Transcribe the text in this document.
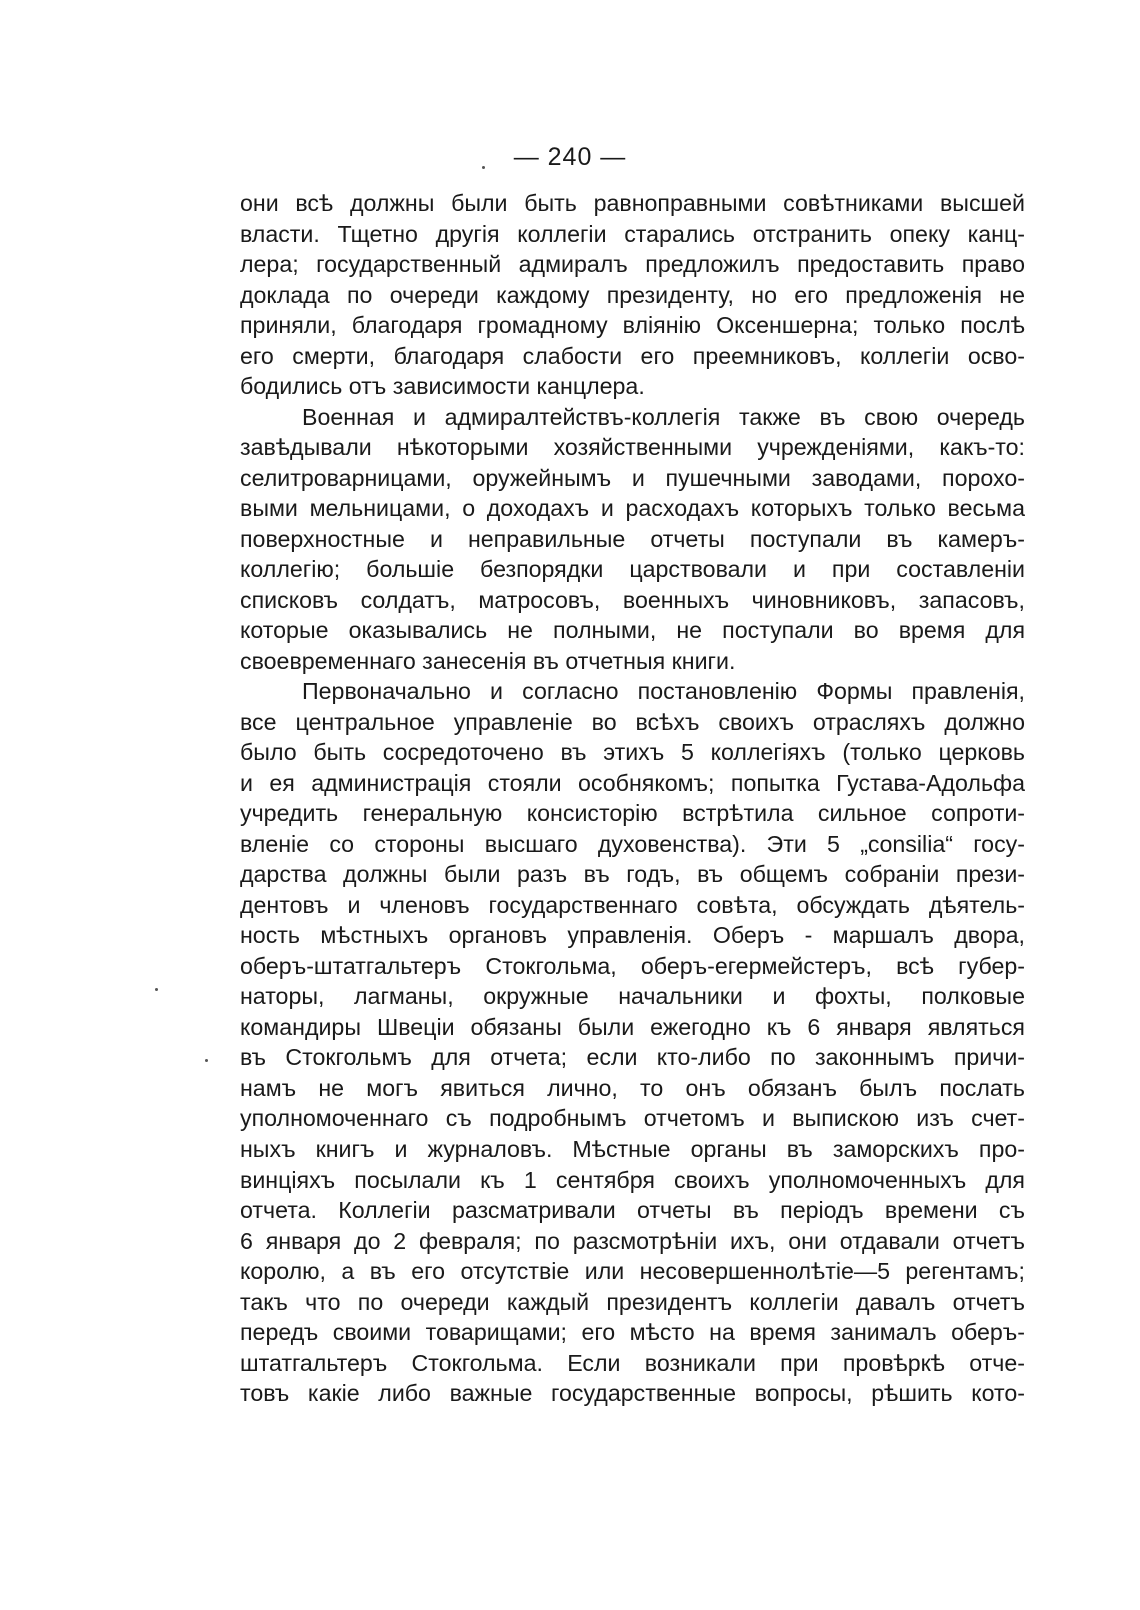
— 240 —
они всѣ должны были быть равноправными совѣтниками высшей
власти. Тщетно другія коллегіи старались отстранить опеку канц-
лера; государственный адмиралъ предложилъ предоставить право
доклада по очереди каждому президенту, но его предложенія не
приняли, благодаря громадному вліянію Оксеншерна; только послѣ
его смерти, благодаря слабости его преемниковъ, коллегіи осво-
бодились отъ зависимости канцлера.
Военная и адмиралтействъ-коллегія также въ свою очередь
завѣдывали нѣкоторыми хозяйственными учрежденіями, какъ-то:
селитроварницами, оружейнымъ и пушечными заводами, порохо-
выми мельницами, о доходахъ и расходахъ которыхъ только весьма
поверхностные и неправильные отчеты поступали въ камеръ-
коллегію; большіе безпорядки царствовали и при составленіи
списковъ солдатъ, матросовъ, военныхъ чиновниковъ, запасовъ,
которые оказывались не полными, не поступали во время для
своевременнаго занесенія въ отчетныя книги.
Первоначально и согласно постановленію Формы правленія,
все центральное управленіе во всѣхъ своихъ отрасляхъ должно
было быть сосредоточено въ этихъ 5 коллегіяхъ (только церковь
и ея администрація стояли особнякомъ; попытка Густава-Адольфа
учредить генеральную консисторію встрѣтила сильное сопроти-
вленіе со стороны высшаго духовенства). Эти 5 „consilia“ госу-
дарства должны были разъ въ годъ, въ общемъ собраніи прези-
дентовъ и членовъ государственнаго совѣта, обсуждать дѣятель-
ность мѣстныхъ органовъ управленія. Оберъ - маршалъ двора,
оберъ-штатгальтеръ Стокгольма, оберъ-егермейстеръ, всѣ губер-
наторы, лагманы, окружные начальники и фохты, полковые
командиры Швеціи обязаны были ежегодно къ 6 января являться
въ Стокгольмъ для отчета; если кто-либо по законнымъ причи-
намъ не могъ явиться лично, то онъ обязанъ былъ послать
уполномоченнаго съ подробнымъ отчетомъ и выпискою изъ счет-
ныхъ книгъ и журналовъ. Мѣстные органы въ заморскихъ про-
винціяхъ посылали къ 1 сентября своихъ уполномоченныхъ для
отчета. Коллегіи разсматривали отчеты въ періодъ времени съ
6 января до 2 февраля; по разсмотрѣніи ихъ, они отдавали отчетъ
королю, а въ его отсутствіе или несовершеннолѣтіе—5 регентамъ;
такъ что по очереди каждый президентъ коллегіи давалъ отчетъ
передъ своими товарищами; его мѣсто на время занималъ оберъ-
штатгальтеръ Стокгольма. Если возникали при провѣркѣ отче-
товъ какіе либо важные государственные вопросы, рѣшить кото-
